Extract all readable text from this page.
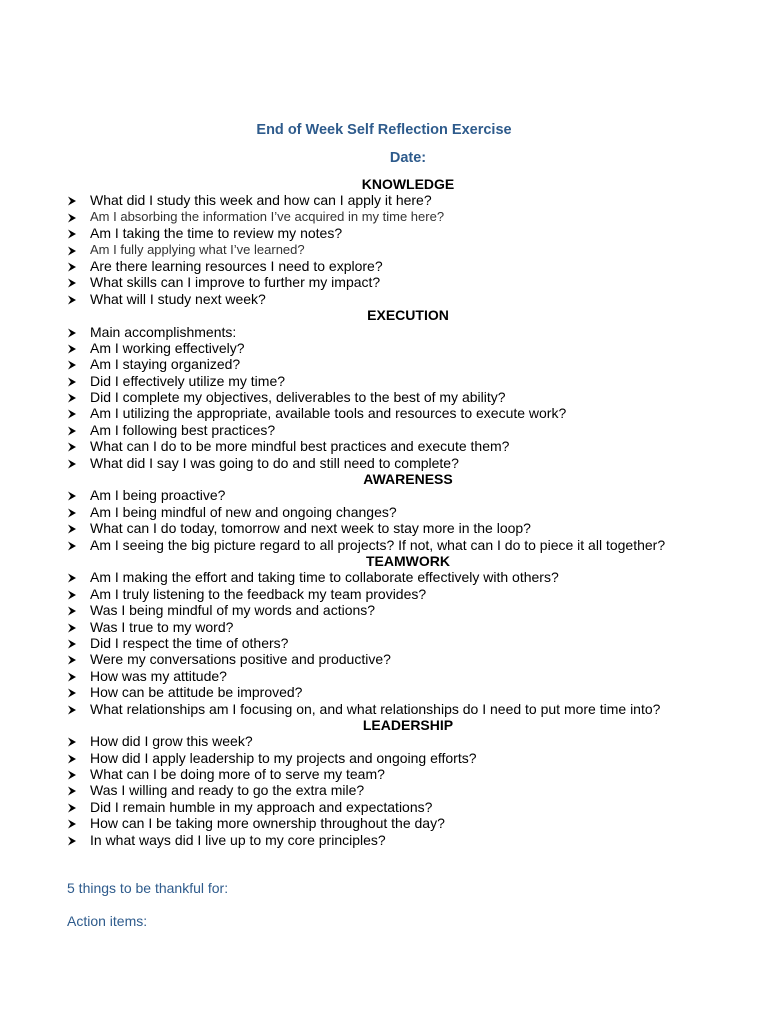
End of Week Self Reflection Exercise
Date:
KNOWLEDGE
What did I study this week and how can I apply it here?
Am I absorbing the information I’ve acquired in my time here?
Am I taking the time to review my notes?
Am I fully applying what I’ve learned?
Are there learning resources I need to explore?
What skills can I improve to further my impact?
What will I study next week?
EXECUTION
Main accomplishments:
Am I working effectively?
Am I staying organized?
Did I effectively utilize my time?
Did I complete my objectives, deliverables to the best of my ability?
Am I utilizing the appropriate, available tools and resources to execute work?
Am I following best practices?
What can I do to be more mindful best practices and execute them?
What did I say I was going to do and still need to complete?
AWARENESS
Am I being proactive?
Am I being mindful of new and ongoing changes?
What can I do today, tomorrow and next week to stay more in the loop?
Am I seeing the big picture regard to all projects? If not, what can I do to piece it all together?
TEAMWORK
Am I making the effort and taking time to collaborate effectively with others?
Am I truly listening to the feedback my team provides?
Was I being mindful of my words and actions?
Was I true to my word?
Did I respect the time of others?
Were my conversations positive and productive?
How was my attitude?
How can be attitude be improved?
What relationships am I focusing on, and what relationships do I need to put more time into?
LEADERSHIP
How did I grow this week?
How did I apply leadership to my projects and ongoing efforts?
What can I be doing more of to serve my team?
Was I willing and ready to go the extra mile?
Did I remain humble in my approach and expectations?
How can I be taking more ownership throughout the day?
In what ways did I live up to my core principles?
5 things to be thankful for:
Action items:
